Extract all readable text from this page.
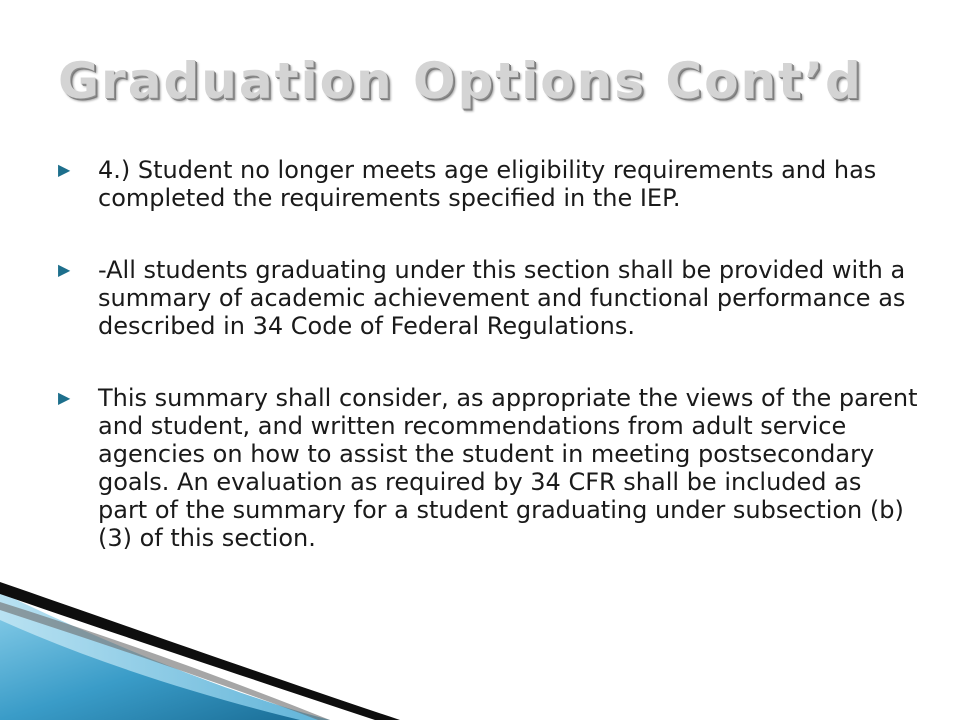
Graduation Options Cont’d
▶ 4.) Student no longer meets age eligibility requirements and has completed the requirements specified in the IEP.
▶ -All students graduating under this section shall be provided with a summary of academic achievement and functional performance as described in 34 Code of Federal Regulations.
▶ This summary shall consider, as appropriate the views of the parent and student, and written recommendations from adult service agencies on how to assist the student in meeting postsecondary goals. An evaluation as required by 34 CFR shall be included as part of the summary for a student graduating under subsection (b)(3) of this section.
